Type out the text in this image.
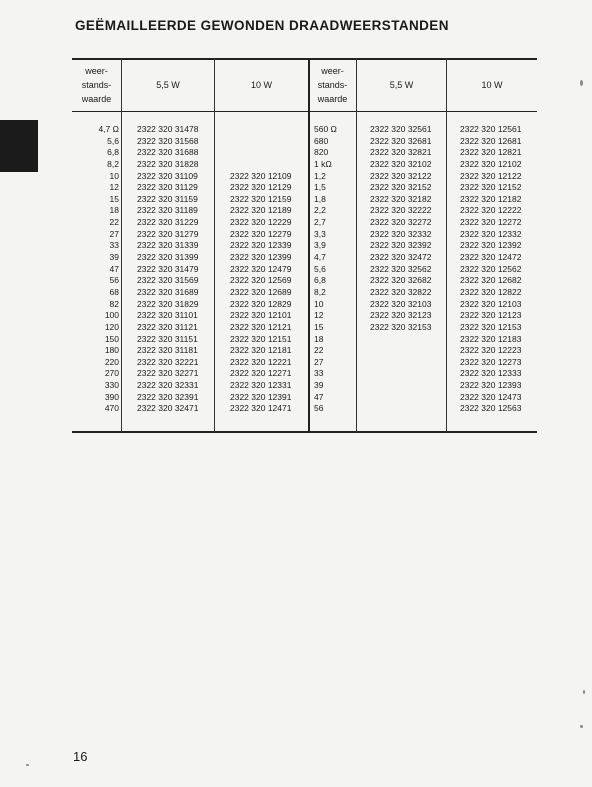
GEËMAILLEERDE GEWONDEN DRAADWEERSTANDEN
weer-
stands-
waarde
5,5 W	10 W
weer-
stands-
waarde
5,5 W	10 W
4,7 Ω
5,6
6,8
8,2
10
12
15
18
22
27
33
39
47
56
68
82
100
120
150
180
220
270
330
390
470
2322 320 31478
2322 320 31568
2322 320 31688
2322 320 31828
2322 320 31109
2322 320 31129
2322 320 31159
2322 320 31189
2322 320 31229
2322 320 31279
2322 320 31339
2322 320 31399
2322 320 31479
2322 320 31569
2322 320 31689
2322 320 31829
2322 320 31101
2322 320 31121
2322 320 31151
2322 320 31181
2322 320 32221
2322 320 32271
2322 320 32331
2322 320 32391
2322 320 32471
2322 320 12109
2322 320 12129
2322 320 12159
2322 320 12189
2322 320 12229
2322 320 12279
2322 320 12339
2322 320 12399
2322 320 12479
2322 320 12569
2322 320 12689
2322 320 12829
2322 320 12101
2322 320 12121
2322 320 12151
2322 320 12181
2322 320 12221
2322 320 12271
2322 320 12331
2322 320 12391
2322 320 12471
560 Ω
680
820
1 kΩ
1,2
1,5
1,8
2,2
2,7
3,3
3,9
4,7
5,6
6,8
8,2
10
12
15
18
22
27
33
39
47
56
2322 320 32561
2322 320 32681
2322 320 32821
2322 320 32102
2322 320 32122
2322 320 32152
2322 320 32182
2322 320 32222
2322 320 32272
2322 320 32332
2322 320 32392
2322 320 32472
2322 320 32562
2322 320 32682
2322 320 32822
2322 320 32103
2322 320 32123
2322 320 32153
2322 320 12561
2322 320 12681
2322 320 12821
2322 320 12102
2322 320 12122
2322 320 12152
2322 320 12182
2322 320 12222
2322 320 12272
2322 320 12332
2322 320 12392
2322 320 12472
2322 320 12562
2322 320 12682
2322 320 12822
2322 320 12103
2322 320 12123
2322 320 12153
2322 320 12183
2322 320 12223
2322 320 12273
2322 320 12333
2322 320 12393
2322 320 12473
2322 320 12563
16
